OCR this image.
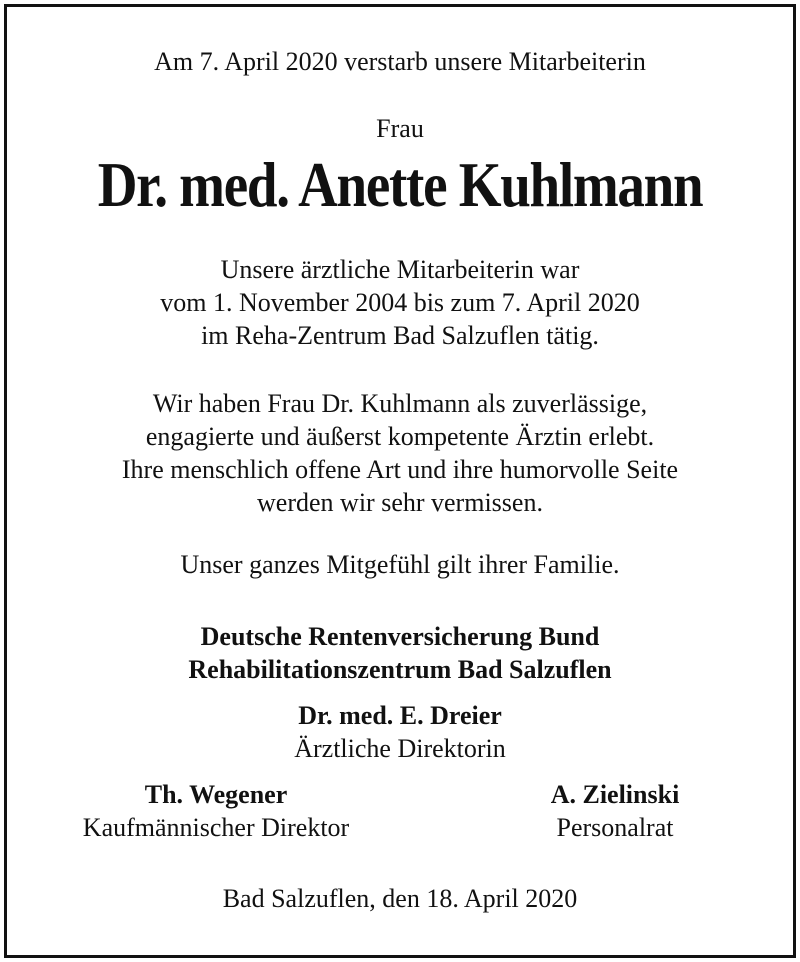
Am 7. April 2020 verstarb unsere Mitarbeiterin
Frau
Dr. med. Anette Kuhlmann
Unsere ärztliche Mitarbeiterin war
vom 1. November 2004 bis zum 7. April 2020
im Reha-Zentrum Bad Salzuflen tätig.
Wir haben Frau Dr. Kuhlmann als zuverlässige,
engagierte und äußerst kompetente Ärztin erlebt.
Ihre menschlich offene Art und ihre humorvolle Seite
werden wir sehr vermissen.
Unser ganzes Mitgefühl gilt ihrer Familie.
Deutsche Rentenversicherung Bund
Rehabilitationszentrum Bad Salzuflen
Dr. med. E. Dreier
Ärztliche Direktorin
Th. Wegener
Kaufmännischer Direktor
A. Zielinski
Personalrat
Bad Salzuflen, den 18. April 2020
